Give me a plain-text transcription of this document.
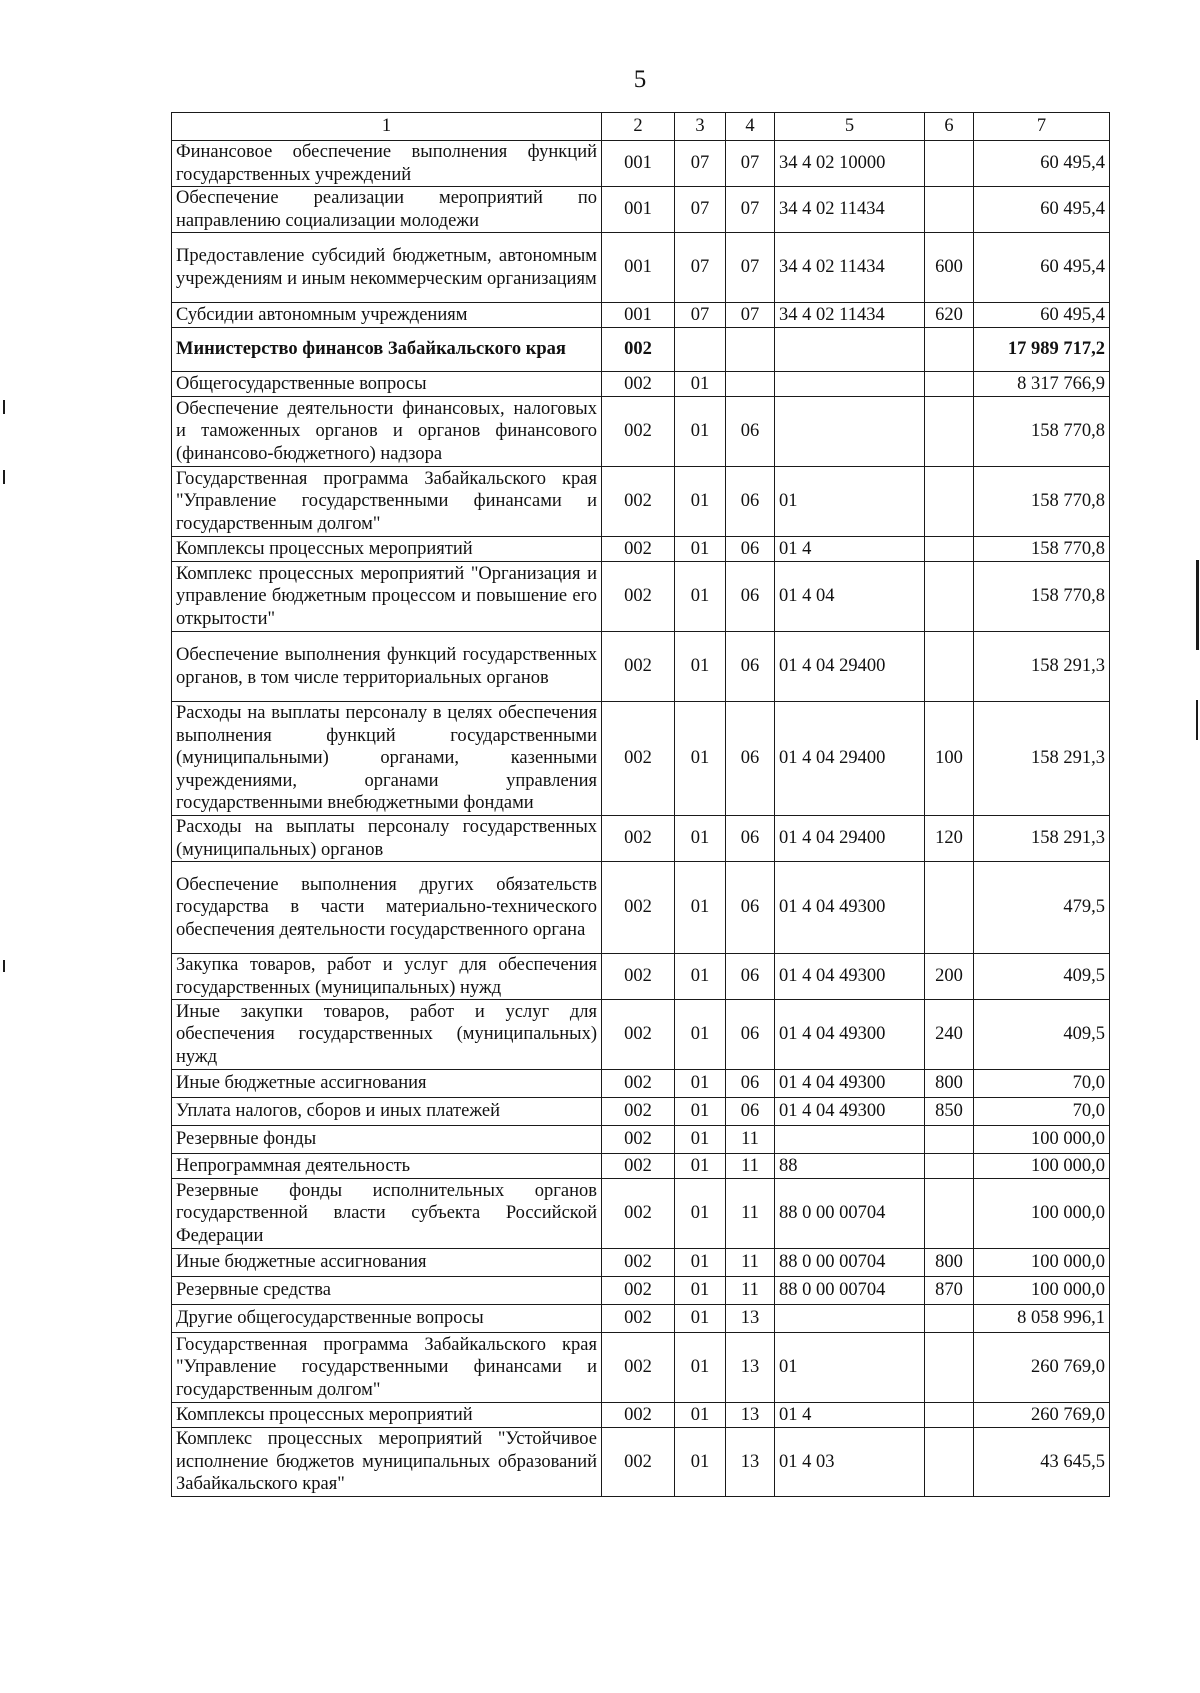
5
1	2	3	4	5	6	7
Финансовое обеспечение выполнения функций государственных учреждений	001	07	07	34 4 02 10000		60 495,4
Обеспечение реализации мероприятий по направлению социализации молодежи	001	07	07	34 4 02 11434		60 495,4
Предоставление субсидий бюджетным, автономным учреждениям и иным некоммерческим организациям	001	07	07	34 4 02 11434	600	60 495,4
Субсидии автономным учреждениям	001	07	07	34 4 02 11434	620	60 495,4
Министерство финансов Забайкальского края	002					17 989 717,2
Общегосударственные вопросы	002	01				8 317 766,9
Обеспечение деятельности финансовых, налоговых и таможенных органов и органов финансового (финансово-бюджетного) надзора	002	01	06			158 770,8
Государственная программа Забайкальского края "Управление государственными финансами и государственным долгом"	002	01	06	01		158 770,8
Комплексы процессных мероприятий	002	01	06	01 4		158 770,8
Комплекс процессных мероприятий "Организация и управление бюджетным процессом и повышение его открытости"	002	01	06	01 4 04		158 770,8
Обеспечение выполнения функций государственных органов, в том числе территориальных органов	002	01	06	01 4 04 29400		158 291,3
Расходы на выплаты персоналу в целях обеспечения выполнения функций государственными (муниципальными) органами, казенными учреждениями, органами управления государственными внебюджетными фондами	002	01	06	01 4 04 29400	100	158 291,3
Расходы на выплаты персоналу государственных (муниципальных) органов	002	01	06	01 4 04 29400	120	158 291,3
Обеспечение выполнения других обязательств государства в части материально-технического обеспечения деятельности государственного органа	002	01	06	01 4 04 49300		479,5
Закупка товаров, работ и услуг для обеспечения государственных (муниципальных) нужд	002	01	06	01 4 04 49300	200	409,5
Иные закупки товаров, работ и услуг для обеспечения государственных (муниципальных) нужд	002	01	06	01 4 04 49300	240	409,5
Иные бюджетные ассигнования	002	01	06	01 4 04 49300	800	70,0
Уплата налогов, сборов и иных платежей	002	01	06	01 4 04 49300	850	70,0
Резервные фонды	002	01	11			100 000,0
Непрограммная деятельность	002	01	11	88		100 000,0
Резервные фонды исполнительных органов государственной власти субъекта Российской Федерации	002	01	11	88 0 00 00704		100 000,0
Иные бюджетные ассигнования	002	01	11	88 0 00 00704	800	100 000,0
Резервные средства	002	01	11	88 0 00 00704	870	100 000,0
Другие общегосударственные вопросы	002	01	13			8 058 996,1
Государственная программа Забайкальского края "Управление государственными финансами и государственным долгом"	002	01	13	01		260 769,0
Комплексы процессных мероприятий	002	01	13	01 4		260 769,0
Комплекс процессных мероприятий "Устойчивое исполнение бюджетов муниципальных образований Забайкальского края"	002	01	13	01 4 03		43 645,5
